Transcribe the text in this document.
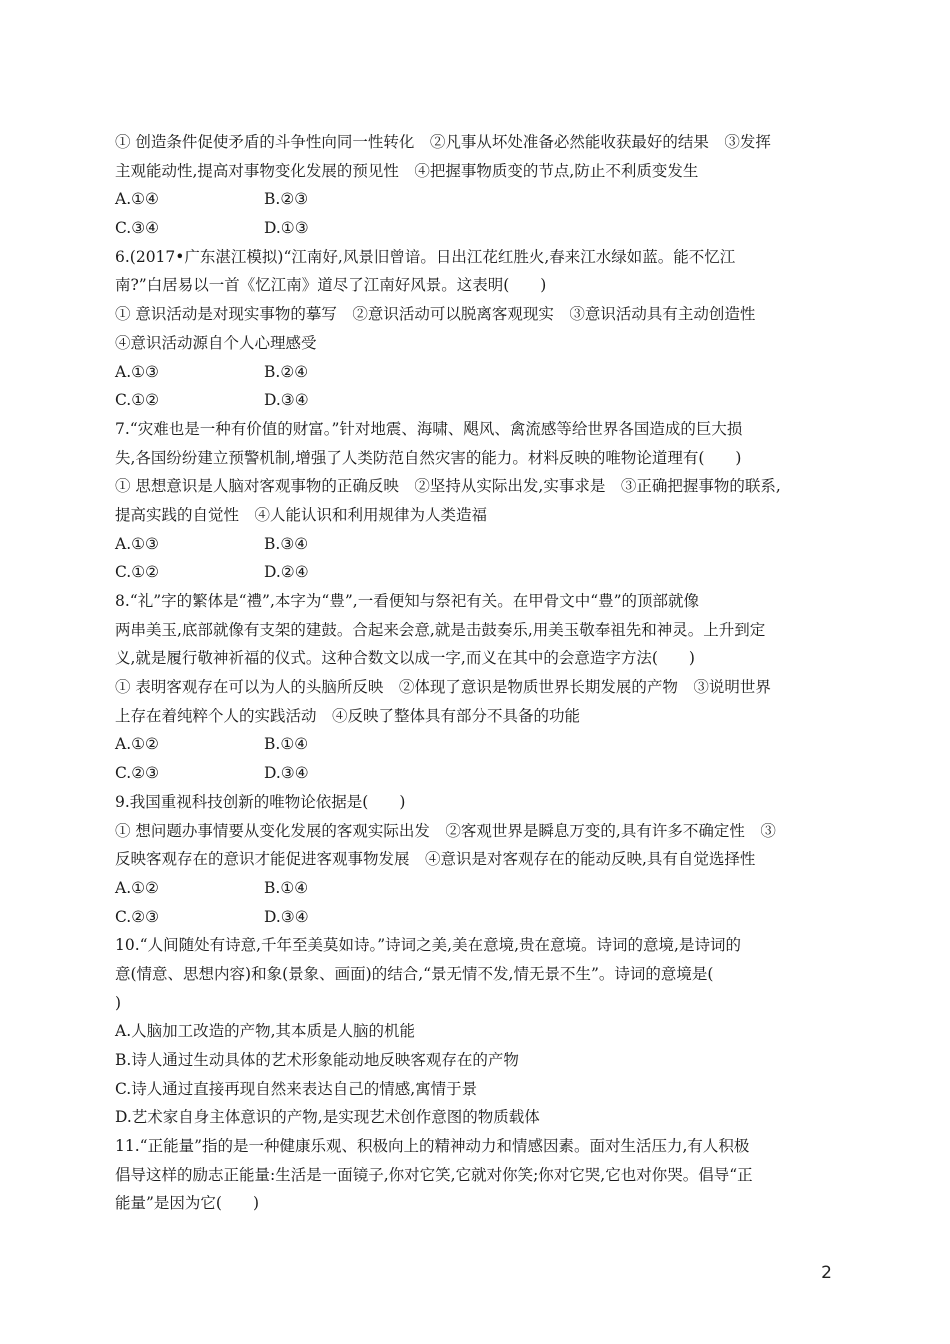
① 创造条件促使矛盾的斗争性向同一性转化　②凡事从坏处准备必然能收获最好的结果　③发挥
主观能动性,提高对事物变化发展的预见性　④把握事物质变的节点,防止不利质变发生
A.①④	B.②③
C.③④	D.①③
6.(2017•广东湛江模拟)“江南好,风景旧曾谙。日出江花红胜火,春来江水绿如蓝。能不忆江
南?”白居易以一首《忆江南》道尽了江南好风景。这表明(　　)
① 意识活动是对现实事物的摹写　②意识活动可以脱离客观现实　③意识活动具有主动创造性
④意识活动源自个人心理感受
A.①③	B.②④
C.①②	D.③④
7.“灾难也是一种有价值的财富。”针对地震、海啸、飓风、禽流感等给世界各国造成的巨大损
失,各国纷纷建立预警机制,增强了人类防范自然灾害的能力。材料反映的唯物论道理有(　　)
① 思想意识是人脑对客观事物的正确反映　②坚持从实际出发,实事求是　③正确把握事物的联系,
提高实践的自觉性　④人能认识和利用规律为人类造福
A.①③	B.③④
C.①②	D.②④
8.“礼”字的繁体是“禮”,本字为“豊”,一看便知与祭祀有关。在甲骨文中“豊”的顶部就像
两串美玉,底部就像有支架的建鼓。合起来会意,就是击鼓奏乐,用美玉敬奉祖先和神灵。上升到定
义,就是履行敬神祈福的仪式。这种合数文以成一字,而义在其中的会意造字方法(　　)
① 表明客观存在可以为人的头脑所反映　②体现了意识是物质世界长期发展的产物　③说明世界
上存在着纯粹个人的实践活动　④反映了整体具有部分不具备的功能
A.①②	B.①④
C.②③	D.③④
9.我国重视科技创新的唯物论依据是(　　)
① 想问题办事情要从变化发展的客观实际出发　②客观世界是瞬息万变的,具有许多不确定性　③
反映客观存在的意识才能促进客观事物发展　④意识是对客观存在的能动反映,具有自觉选择性
A.①②	B.①④
C.②③	D.③④
10.“人间随处有诗意,千年至美莫如诗。”诗词之美,美在意境,贵在意境。诗词的意境,是诗词的
意(情意、思想内容)和象(景象、画面)的结合,“景无情不发,情无景不生”。诗词的意境是(
)
A.人脑加工改造的产物,其本质是人脑的机能
B.诗人通过生动具体的艺术形象能动地反映客观存在的产物
C.诗人通过直接再现自然来表达自己的情感,寓情于景
D.艺术家自身主体意识的产物,是实现艺术创作意图的物质载体
11.“正能量”指的是一种健康乐观、积极向上的精神动力和情感因素。面对生活压力,有人积极
倡导这样的励志正能量:生活是一面镜子,你对它笑,它就对你笑;你对它哭,它也对你哭。倡导“正
能量”是因为它(　　)
2
